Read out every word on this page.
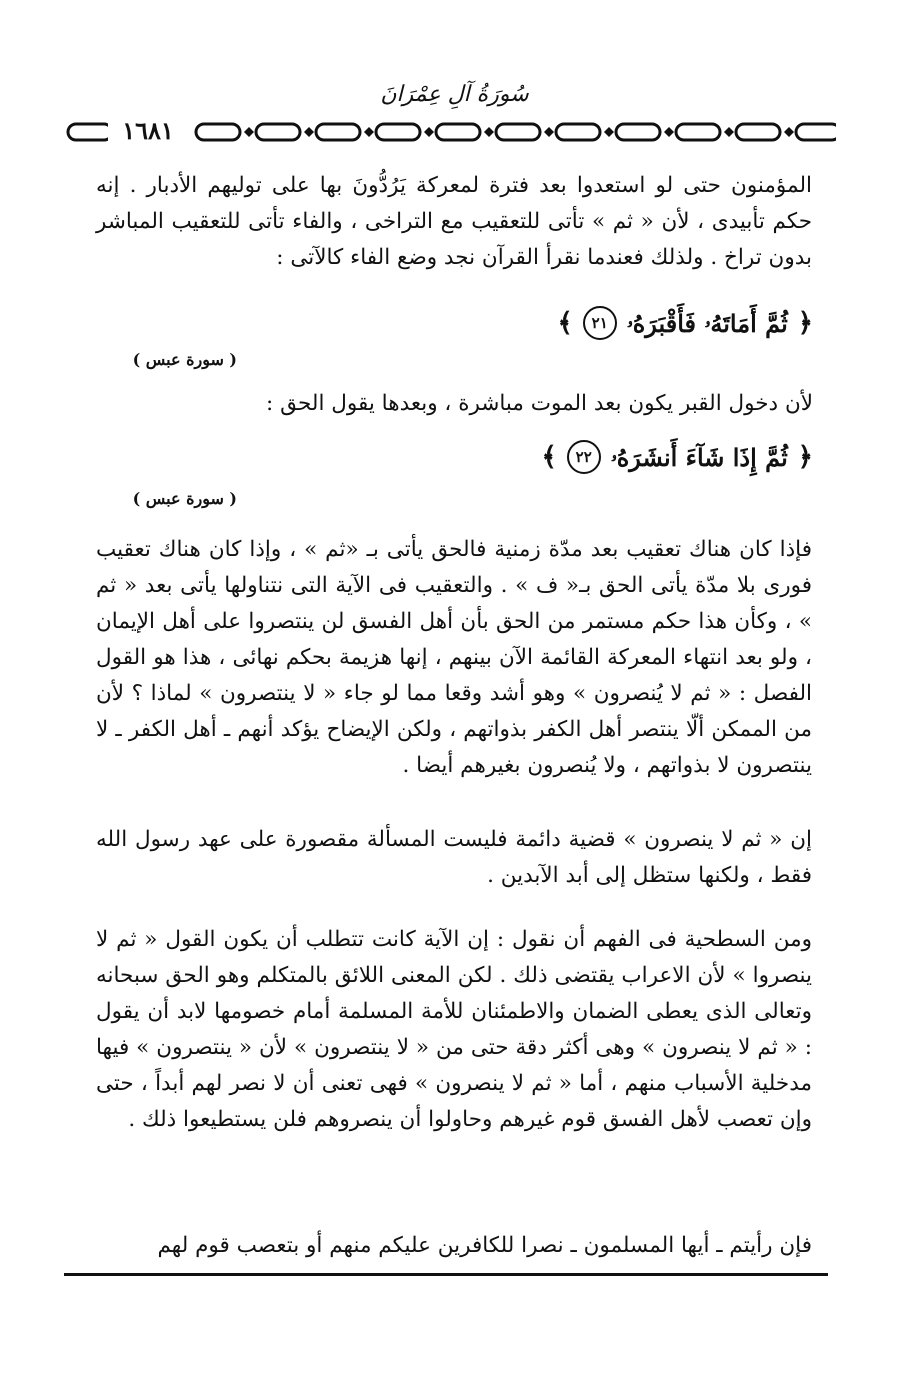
سُورَةُ آلِ عِمْرَانَ
١٦٨١

المؤمنون حتى لو استعدوا بعد فترة لمعركة يَرُدُّونَ بها على توليهم الأدبار . إنه حكم تأبيدى ، لأن « ثم » تأتى للتعقيب مع التراخى ، والفاء تأتى للتعقيب المباشر بدون تراخ . ولذلك فعندما نقرأ القرآن نجد وضع الفاء كالآتى :

﴿
ثُمَّ أَمَاتَهُۥ فَأَقْبَرَهُۥ
٢١
﴾
( سورة عبس )

لأن دخول القبر يكون بعد الموت مباشرة ، وبعدها يقول الحق :

﴿
ثُمَّ إِذَا شَآءَ أَنشَرَهُۥ
٢٢
﴾
( سورة عبس )

فإذا كان هناك تعقيب بعد مدّة زمنية فالحق يأتى بـ «ثم » ، وإذا كان هناك تعقيب فورى بلا مدّة يأتى الحق بـ« ف » . والتعقيب فى الآية التى نتناولها يأتى بعد « ثم » ، وكأن هذا حكم مستمر من الحق بأن أهل الفسق لن ينتصروا على أهل الإيمان ، ولو بعد انتهاء المعركة القائمة الآن بينهم ، إنها هزيمة بحكم نهائى ، هذا هو القول الفصل : « ثم لا يُنصرون » وهو أشد وقعا مما لو جاء « لا ينتصرون » لماذا ؟ لأن من الممكن ألّا ينتصر أهل الكفر بذواتهم ، ولكن الإيضاح يؤكد أنهم ـ أهل الكفر ـ لا ينتصرون لا بذواتهم ، ولا يُنصرون بغيرهم أيضا .

إن « ثم لا ينصرون » قضية دائمة فليست المسألة مقصورة على عهد رسول الله فقط ، ولكنها ستظل إلى أبد الآبدين .

ومن السطحية فى الفهم أن نقول : إن الآية كانت تتطلب أن يكون القول « ثم لا ينصروا » لأن الاعراب يقتضى ذلك . لكن المعنى اللائق بالمتكلم وهو الحق سبحانه وتعالى الذى يعطى الضمان والاطمئنان للأمة المسلمة أمام خصومها لابد أن يقول : « ثم لا ينصرون » وهى أكثر دقة حتى من « لا ينتصرون » لأن « ينتصرون » فيها مدخلية الأسباب منهم ، أما « ثم لا ينصرون » فهى تعنى أن لا نصر لهم أبداً ، حتى وإن تعصب لأهل الفسق قوم غيرهم وحاولوا أن ينصروهم فلن يستطيعوا ذلك .

فإن رأيتم ـ أيها المسلمون ـ نصرا للكافرين عليكم منهم أو بتعصب قوم لهم
